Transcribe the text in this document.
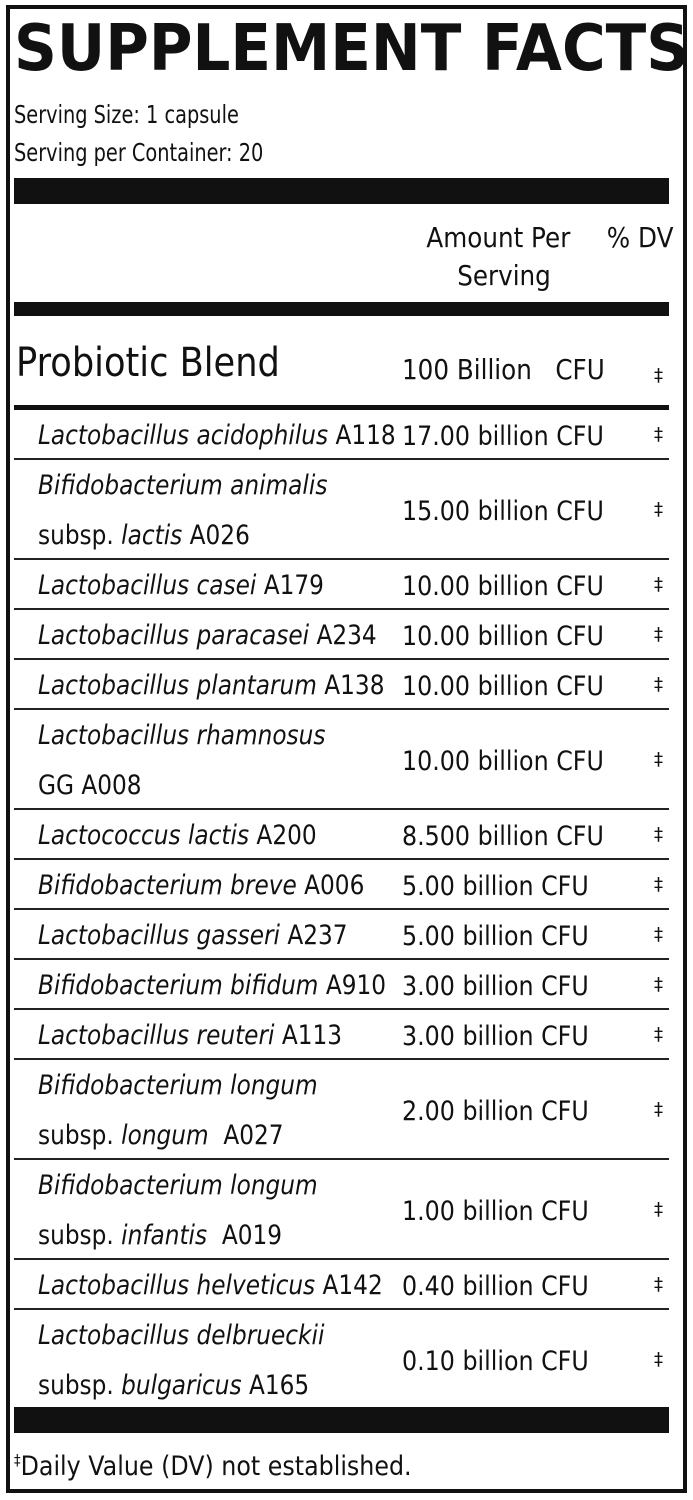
SUPPLEMENT FACTS
Serving Size: 1 capsule
Serving per Container: 20
Amount Per % DV
Serving
Probiotic Blend	100 Billion   CFU	‡
Lactobacillus acidophilus A118 17.00 billion CFU	‡
Bifidobacterium animalis
subsp. lactis A026
15.00 billion CFU	‡
Lactobacillus casei A179	10.00 billion CFU	‡
Lactobacillus paracasei A234 10.00 billion CFU	‡
Lactobacillus plantarum A138 10.00 billion CFU	‡
Lactobacillus rhamnosus
GG A008
10.00 billion CFU	‡
Lactococcus lactis A200	8.500 billion CFU	‡
Bifidobacterium breve A006 5.00 billion CFU	‡
Lactobacillus gasseri A237 5.00 billion CFU	‡
Bifidobacterium bifidum A910 3.00 billion CFU	‡
Lactobacillus reuteri A113 3.00 billion CFU	‡
Bifidobacterium longum
subsp. longum  A027
2.00 billion CFU	‡
Bifidobacterium longum
subsp. infantis  A019
1.00 billion CFU	‡
Lactobacillus helveticus A142 0.40 billion CFU	‡
Lactobacillus delbrueckii
subsp. bulgaricus A165
0.10 billion CFU	‡
‡Daily Value (DV) not established.
